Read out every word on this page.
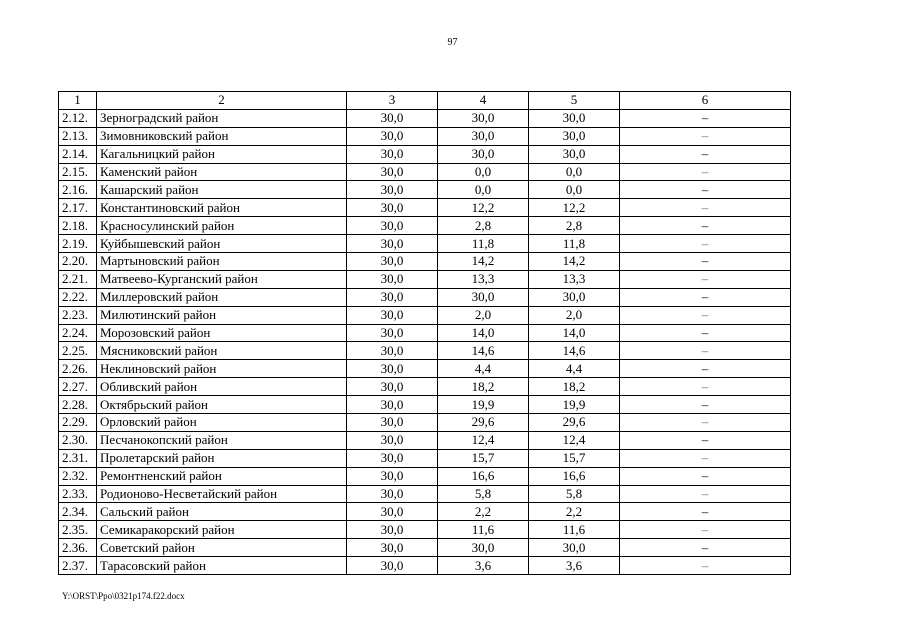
97
1	2	3	4	5	6
2.12.	Зерноградский район	30,0	30,0	30,0	–
2.13.	Зимовниковский район	30,0	30,0	30,0	–
2.14.	Кагальницкий район	30,0	30,0	30,0	–
2.15.	Каменский район	30,0	0,0	0,0	–
2.16.	Кашарский район	30,0	0,0	0,0	–
2.17.	Константиновский район	30,0	12,2	12,2	–
2.18.	Красносулинский район	30,0	2,8	2,8	–
2.19.	Куйбышевский район	30,0	11,8	11,8	–
2.20.	Мартыновский район	30,0	14,2	14,2	–
2.21.	Матвеево-Курганский район	30,0	13,3	13,3	–
2.22.	Миллеровский район	30,0	30,0	30,0	–
2.23.	Милютинский район	30,0	2,0	2,0	–
2.24.	Морозовский район	30,0	14,0	14,0	–
2.25.	Мясниковский район	30,0	14,6	14,6	–
2.26.	Неклиновский район	30,0	4,4	4,4	–
2.27.	Обливский район	30,0	18,2	18,2	–
2.28.	Октябрьский район	30,0	19,9	19,9	–
2.29.	Орловский район	30,0	29,6	29,6	–
2.30.	Песчанокопский район	30,0	12,4	12,4	–
2.31.	Пролетарский район	30,0	15,7	15,7	–
2.32.	Ремонтненский район	30,0	16,6	16,6	–
2.33.	Родионово-Несветайский район	30,0	5,8	5,8	–
2.34.	Сальский район	30,0	2,2	2,2	–
2.35.	Семикаракорский район	30,0	11,6	11,6	–
2.36.	Советский район	30,0	30,0	30,0	–
2.37.	Тарасовский район	30,0	3,6	3,6	–
Y:\ORST\Ppo\0321p174.f22.docx
